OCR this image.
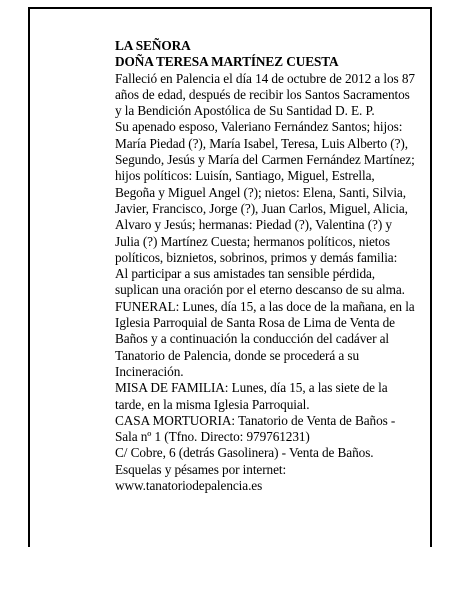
LA SEÑORA

DOÑA TERESA MARTÍNEZ CUESTA

Falleció en Palencia el día 14 de octubre de 2012 a los 87 años de edad, después de recibir los Santos Sacramentos y la Bendición Apostólica de Su Santidad D. E. P.

Su apenado esposo, Valeriano Fernández Santos; hijos: María Piedad (?), María Isabel, Teresa, Luis Alberto (?), Segundo, Jesús y María del Carmen Fernández Martínez; hijos políticos: Luisín, Santiago, Miguel, Estrella, Begoña y Miguel Angel (?); nietos: Elena, Santi, Silvia, Javier, Francisco, Jorge (?), Juan Carlos, Miguel, Alicia, Alvaro y Jesús; hermanas: Piedad (?), Valentina (?) y Julia (?) Martínez Cuesta; hermanos políticos, nietos políticos, biznietos, sobrinos, primos y demás familia:

Al participar a sus amistades tan sensible pérdida, suplican una oración por el eterno descanso de su alma.

FUNERAL: Lunes, día 15, a las doce de la mañana, en la Iglesia Parroquial de Santa Rosa de Lima de Venta de Baños y a continuación la conducción del cadáver al Tanatorio de Palencia, donde se procederá a su Incineración.

MISA DE FAMILIA: Lunes, día 15, a las siete de la tarde, en la misma Iglesia Parroquial.

CASA MORTUORIA: Tanatorio de Venta de Baños - Sala nº 1 (Tfno. Directo: 979761231)

C/ Cobre, 6 (detrás Gasolinera) - Venta de Baños.

Esquelas y pésames por internet:

www.tanatoriodepalencia.es
